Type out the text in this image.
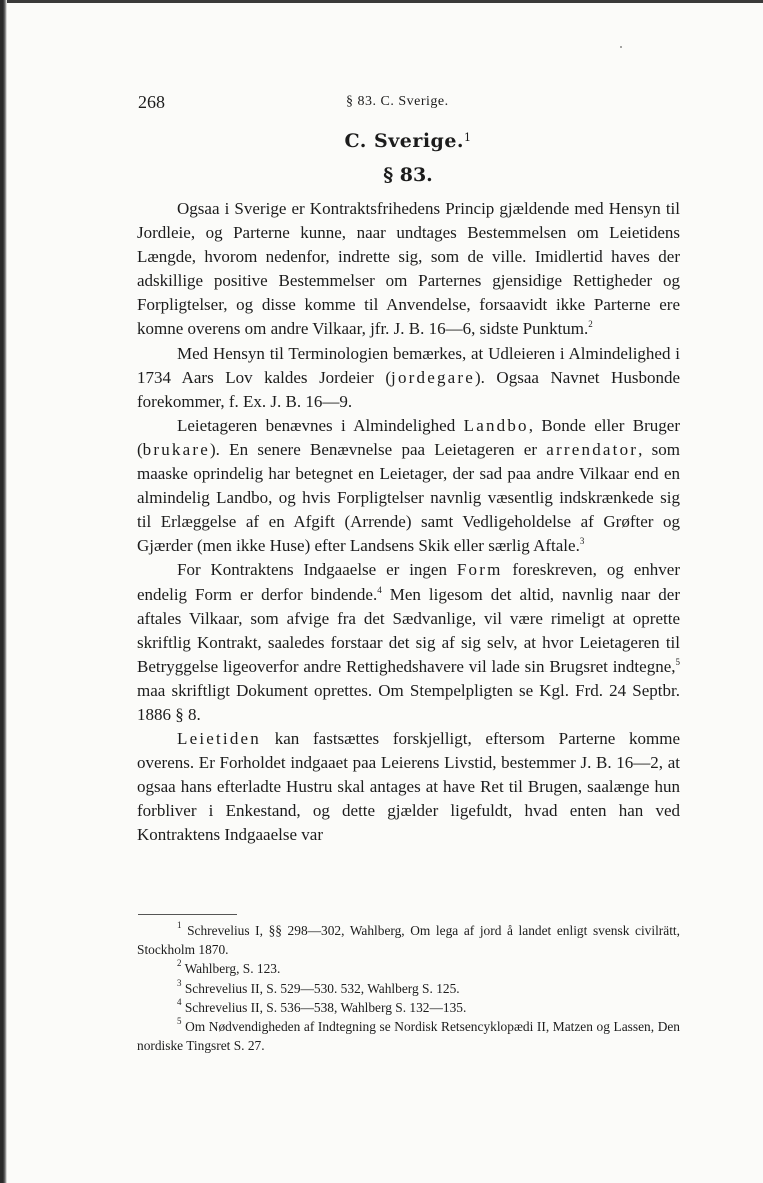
268	§ 83. C. Sverige.
C. Sverige.$^1$
§ 83.

Ogsaa i Sverige er Kontraktsfrihedens Princip gjældende med Hensyn til Jordleie, og Parterne kunne, naar undtages Bestemmelsen om Leietidens Længde, hvorom nedenfor, indrette sig, som de ville. Imidlertid haves der adskillige positive Bestemmelser om Parternes gjensidige Rettigheder og Forpligtelser, og disse komme til Anvendelse, forsaavidt ikke Parterne ere komne overens om andre Vilkaar, jfr. J. B. 16—6, sidste Punktum.$^2$

Med Hensyn til Terminologien bemærkes, at Udleieren i Almindelighed i 1734 Aars Lov kaldes Jordeier (jordegare). Ogsaa Navnet Husbonde forekommer, f. Ex. J. B. 16—9.

Leietageren benævnes i Almindelighed Landbo, Bonde eller Bruger (brukare). En senere Benævnelse paa Leietageren er arrendator, som maaske oprindelig har betegnet en Leietager, der sad paa andre Vilkaar end en almindelig Landbo, og hvis Forpligtelser navnlig væsentlig indskrænkede sig til Erlæggelse af en Afgift (Arrende) samt Vedligeholdelse af Grøfter og Gjærder (men ikke Huse) efter Landsens Skik eller særlig Aftale.$^3$

For Kontraktens Indgaaelse er ingen Form foreskreven, og enhver endelig Form er derfor bindende.$^4$ Men ligesom det altid, navnlig naar der aftales Vilkaar, som afvige fra det Sædvanlige, vil være rimeligt at oprette skriftlig Kontrakt, saaledes forstaar det sig af sig selv, at hvor Leietageren til Betryggelse ligeoverfor andre Rettighedshavere vil lade sin Brugsret indtegne,$^5$ maa skriftligt Dokument oprettes. Om Stempelpligten se Kgl. Frd. 24 Septbr. 1886 § 8.

Leietiden kan fastsættes forskjelligt, eftersom Parterne komme overens. Er Forholdet indgaaet paa Leierens Livstid, bestemmer J. B. 16—2, at ogsaa hans efterladte Hustru skal antages at have Ret til Brugen, saalænge hun forbliver i Enkestand, og dette gjælder ligefuldt, hvad enten han ved Kontraktens Indgaaelse var

$^1$ Schrevelius I, §§ 298—302, Wahlberg, Om lega af jord å landet enligt svensk civilrätt, Stockholm 1870.

$^2$ Wahlberg, S. 123.

$^3$ Schrevelius II, S. 529—530. 532, Wahlberg S. 125.

$^4$ Schrevelius II, S. 536—538, Wahlberg S. 132—135.

$^5$ Om Nødvendigheden af Indtegning se Nordisk Retsencyklopædi II, Matzen og Lassen, Den nordiske Tingsret S. 27.
